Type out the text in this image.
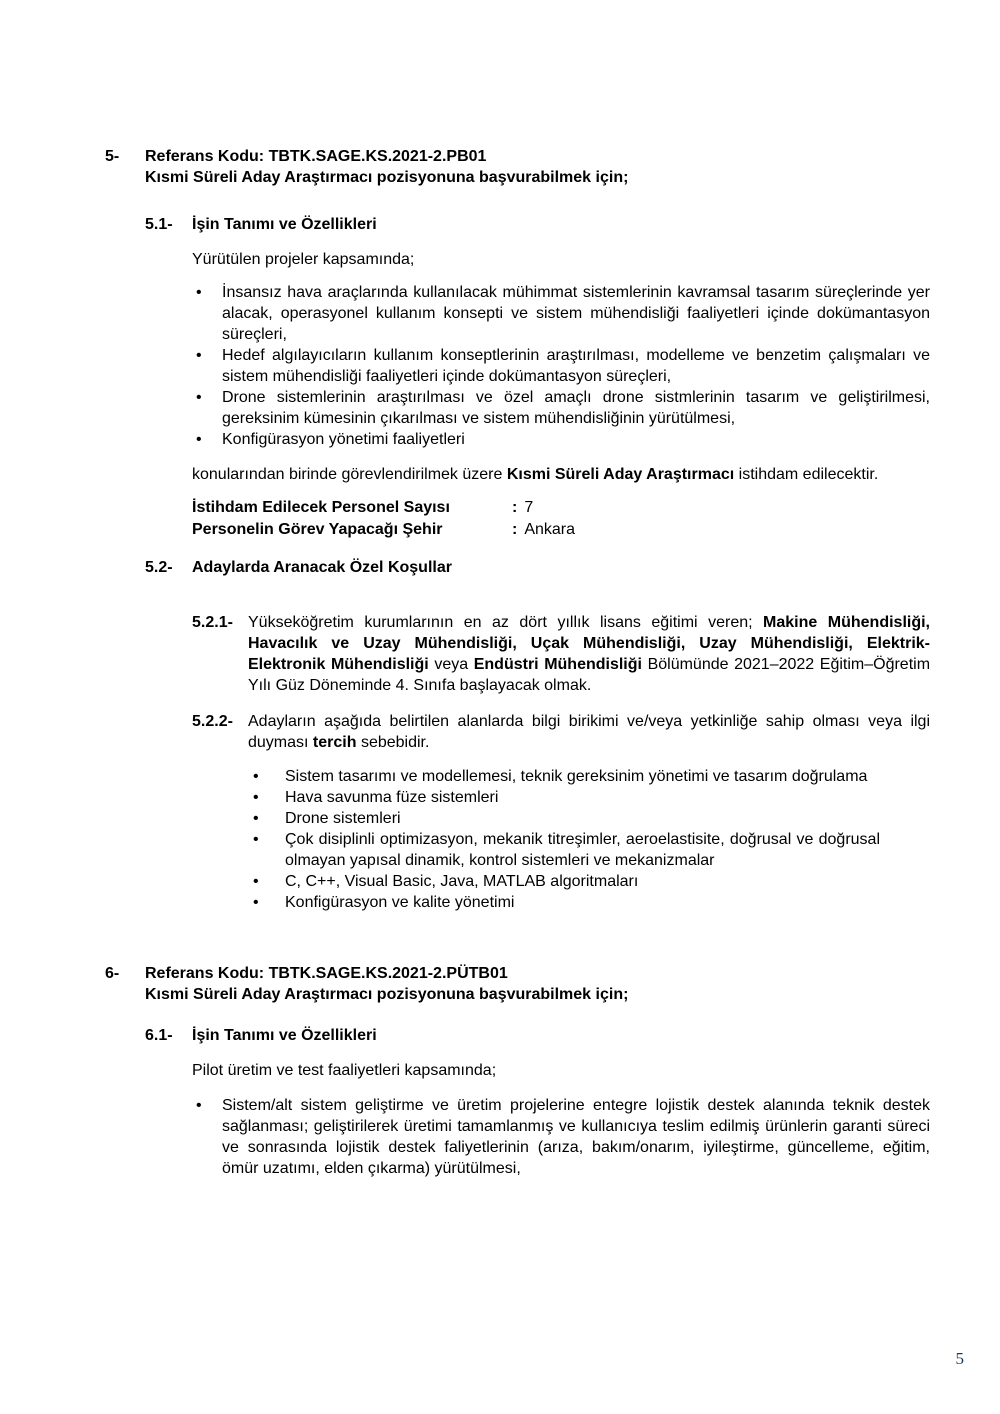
5-	Referans Kodu: TBTK.SAGE.KS.2021-2.PB01
Kısmi Süreli Aday Araştırmacı pozisyonuna başvurabilmek için;
5.1-	İşin Tanımı ve Özellikleri

Yürütülen projeler kapsamında;

• İnsansız hava araçlarında kullanılacak mühimmat sistemlerinin kavramsal tasarım süreçlerinde yer alacak, operasyonel kullanım konsepti ve sistem mühendisliği faaliyetleri içinde dokümantasyon süreçleri,
• Hedef algılayıcıların kullanım konseptlerinin araştırılması, modelleme ve benzetim çalışmaları ve sistem mühendisliği faaliyetleri içinde dokümantasyon süreçleri,
• Drone sistemlerinin araştırılması ve özel amaçlı drone sistmlerinin tasarım ve geliştirilmesi, gereksinim kümesinin çıkarılması ve sistem mühendisliğinin yürütülmesi,
• Konfigürasyon yönetimi faaliyetleri

konularından birinde görevlendirilmek üzere Kısmi Süreli Aday Araştırmacı istihdam edilecektir.

İstihdam Edilecek Personel Sayısı	: 7
Personelin Görev Yapacağı Şehir	: Ankara
5.2-	Adaylarda Aranacak Özel Koşullar
5.2.1- Yükseköğretim kurumlarının en az dört yıllık lisans eğitimi veren; Makine Mühendisliği, Havacılık ve Uzay Mühendisliği, Uçak Mühendisliği, Uzay Mühendisliği, Elektrik-Elektronik Mühendisliği veya Endüstri Mühendisliği Bölümünde 2021–2022 Eğitim–Öğretim Yılı Güz Döneminde 4. Sınıfa başlayacak olmak.
5.2.2- Adayların aşağıda belirtilen alanlarda bilgi birikimi ve/veya yetkinliğe sahip olması veya ilgi duyması tercih sebebidir.
• Sistem tasarımı ve modellemesi, teknik gereksinim yönetimi ve tasarım doğrulama
• Hava savunma füze sistemleri
• Drone sistemleri
• Çok disiplinli optimizasyon, mekanik titreşimler, aeroelastisite, doğrusal ve doğrusal olmayan yapısal dinamik, kontrol sistemleri ve mekanizmalar
• C, C++, Visual Basic, Java, MATLAB algoritmaları
• Konfigürasyon ve kalite yönetimi
6-	Referans Kodu: TBTK.SAGE.KS.2021-2.PÜTB01
Kısmi Süreli Aday Araştırmacı pozisyonuna başvurabilmek için;
6.1-	İşin Tanımı ve Özellikleri

Pilot üretim ve test faaliyetleri kapsamında;

• Sistem/alt sistem geliştirme ve üretim projelerine entegre lojistik destek alanında teknik destek sağlanması; geliştirilerek üretimi tamamlanmış ve kullanıcıya teslim edilmiş ürünlerin garanti süreci ve sonrasında lojistik destek faliyetlerinin (arıza, bakım/onarım, iyileştirme, güncelleme, eğitim, ömür uzatımı, elden çıkarma) yürütülmesi,
5
